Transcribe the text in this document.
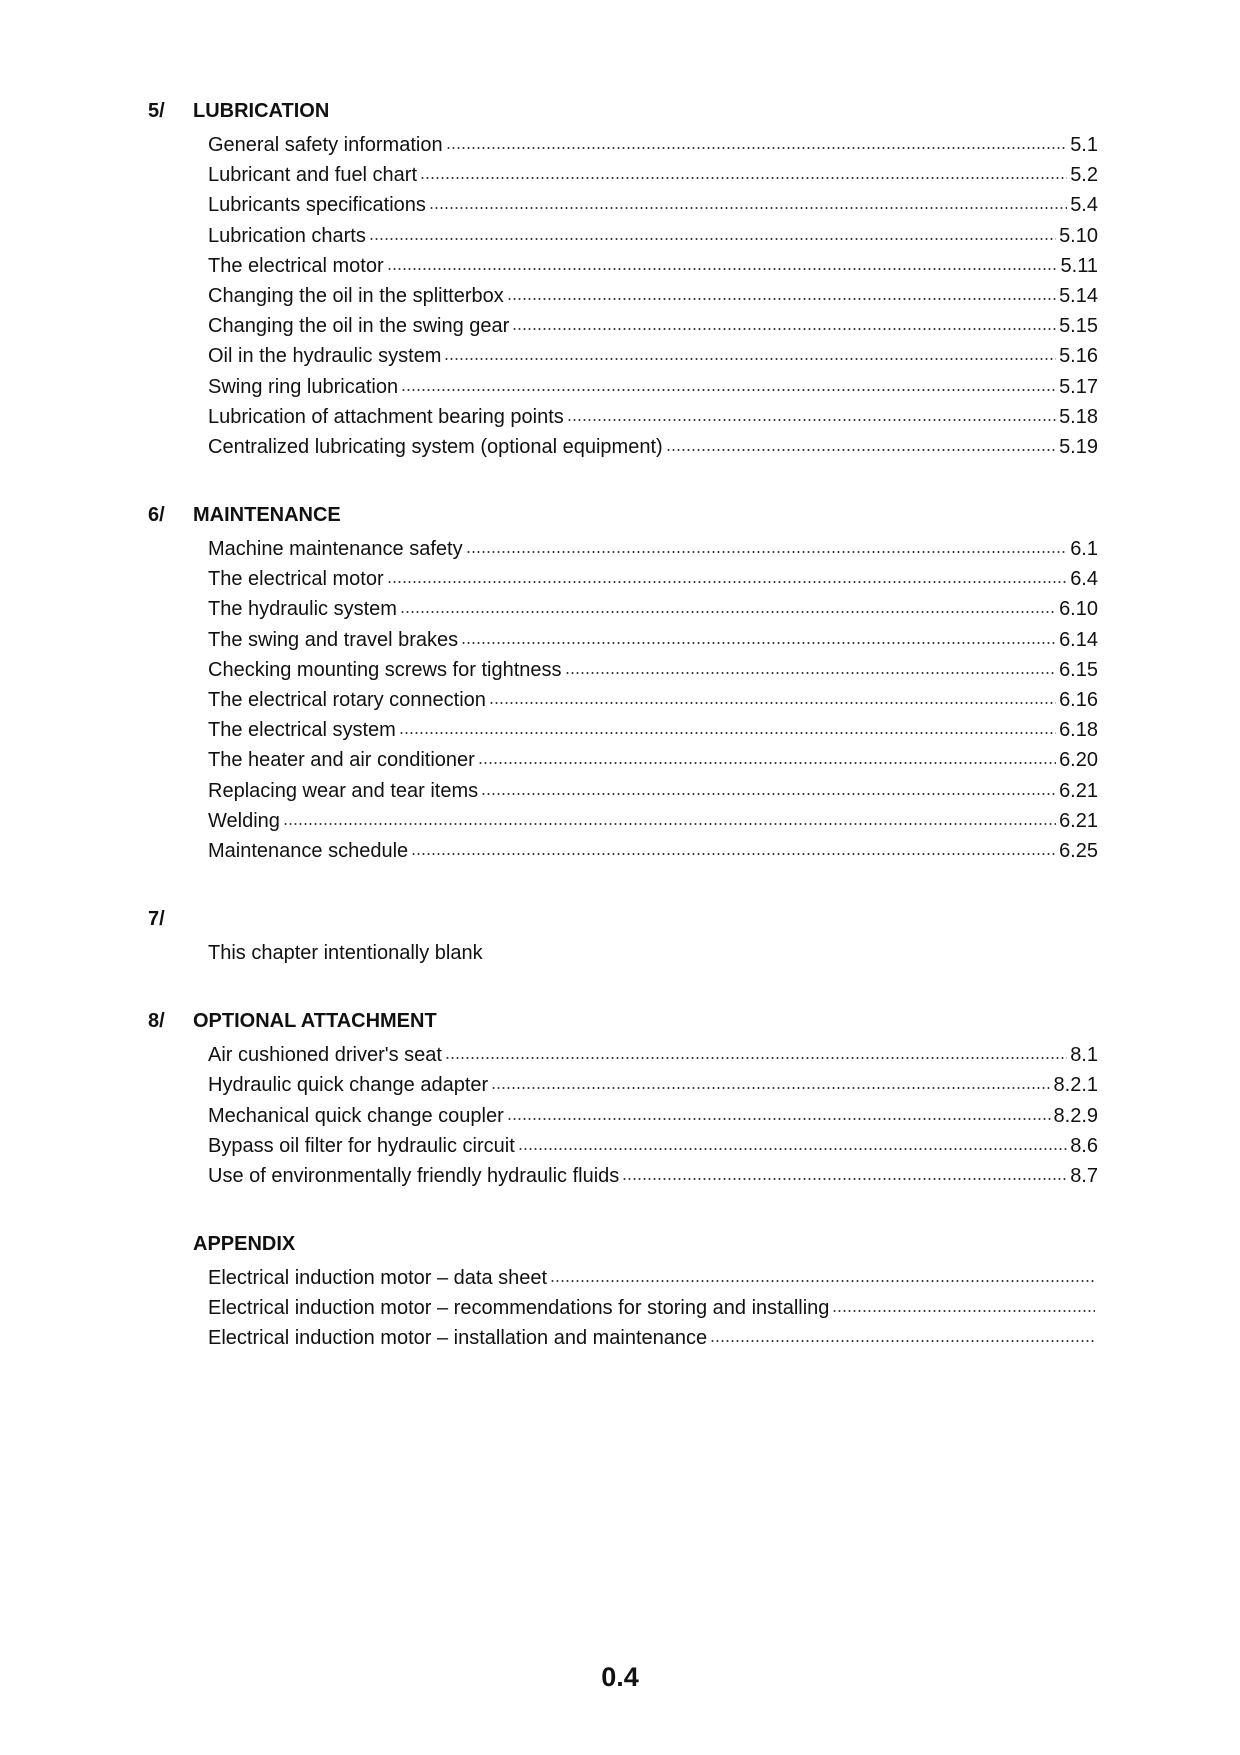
5/	LUBRICATION
General safety information	5.1
Lubricant and fuel chart	5.2
Lubricants specifications	5.4
Lubrication charts	5.10
The electrical motor	5.11
Changing the oil in the splitterbox	5.14
Changing the oil in the swing gear	5.15
Oil in the hydraulic system	5.16
Swing ring lubrication	5.17
Lubrication of attachment bearing points	5.18
Centralized lubricating system (optional equipment)	5.19
6/	MAINTENANCE
Machine maintenance safety	6.1
The electrical motor	6.4
The hydraulic system	6.10
The swing and travel brakes	6.14
Checking mounting screws for tightness	6.15
The electrical rotary connection	6.16
The electrical system	6.18
The heater and air conditioner	6.20
Replacing wear and tear items	6.21
Welding	6.21
Maintenance schedule	6.25
7/
This chapter intentionally blank
8/	OPTIONAL ATTACHMENT
Air cushioned driver's seat	8.1
Hydraulic quick change adapter	8.2.1
Mechanical quick change coupler	8.2.9
Bypass oil filter for hydraulic circuit	8.6
Use of environmentally friendly hydraulic fluids	8.7
APPENDIX
Electrical induction motor – data sheet
Electrical induction motor – recommendations for storing and installing
Electrical induction motor – installation and maintenance
0.4
